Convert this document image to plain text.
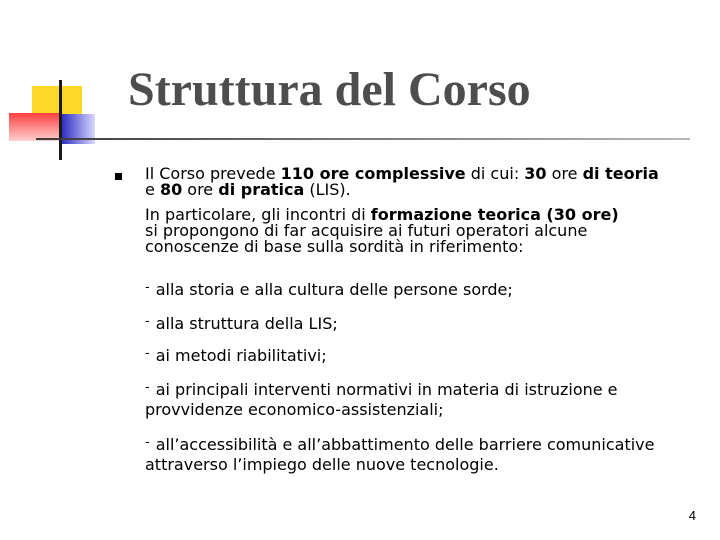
Struttura del Corso
Il Corso prevede 110 ore complessive di cui: 30 ore di teoria e 80 ore di pratica (LIS).
In particolare, gli incontri di formazione teorica (30 ore)
si propongono di far acquisire ai futuri operatori alcune
conoscenze di base sulla sordità in riferimento:
- alla storia e alla cultura delle persone sorde;
- alla struttura della LIS;
- ai metodi riabilitativi;
- ai principali interventi normativi in materia di istruzione e provvidenze economico-assistenziali;
- all’accessibilità e all’abbattimento delle barriere comunicative attraverso l’impiego delle nuove tecnologie.
4
